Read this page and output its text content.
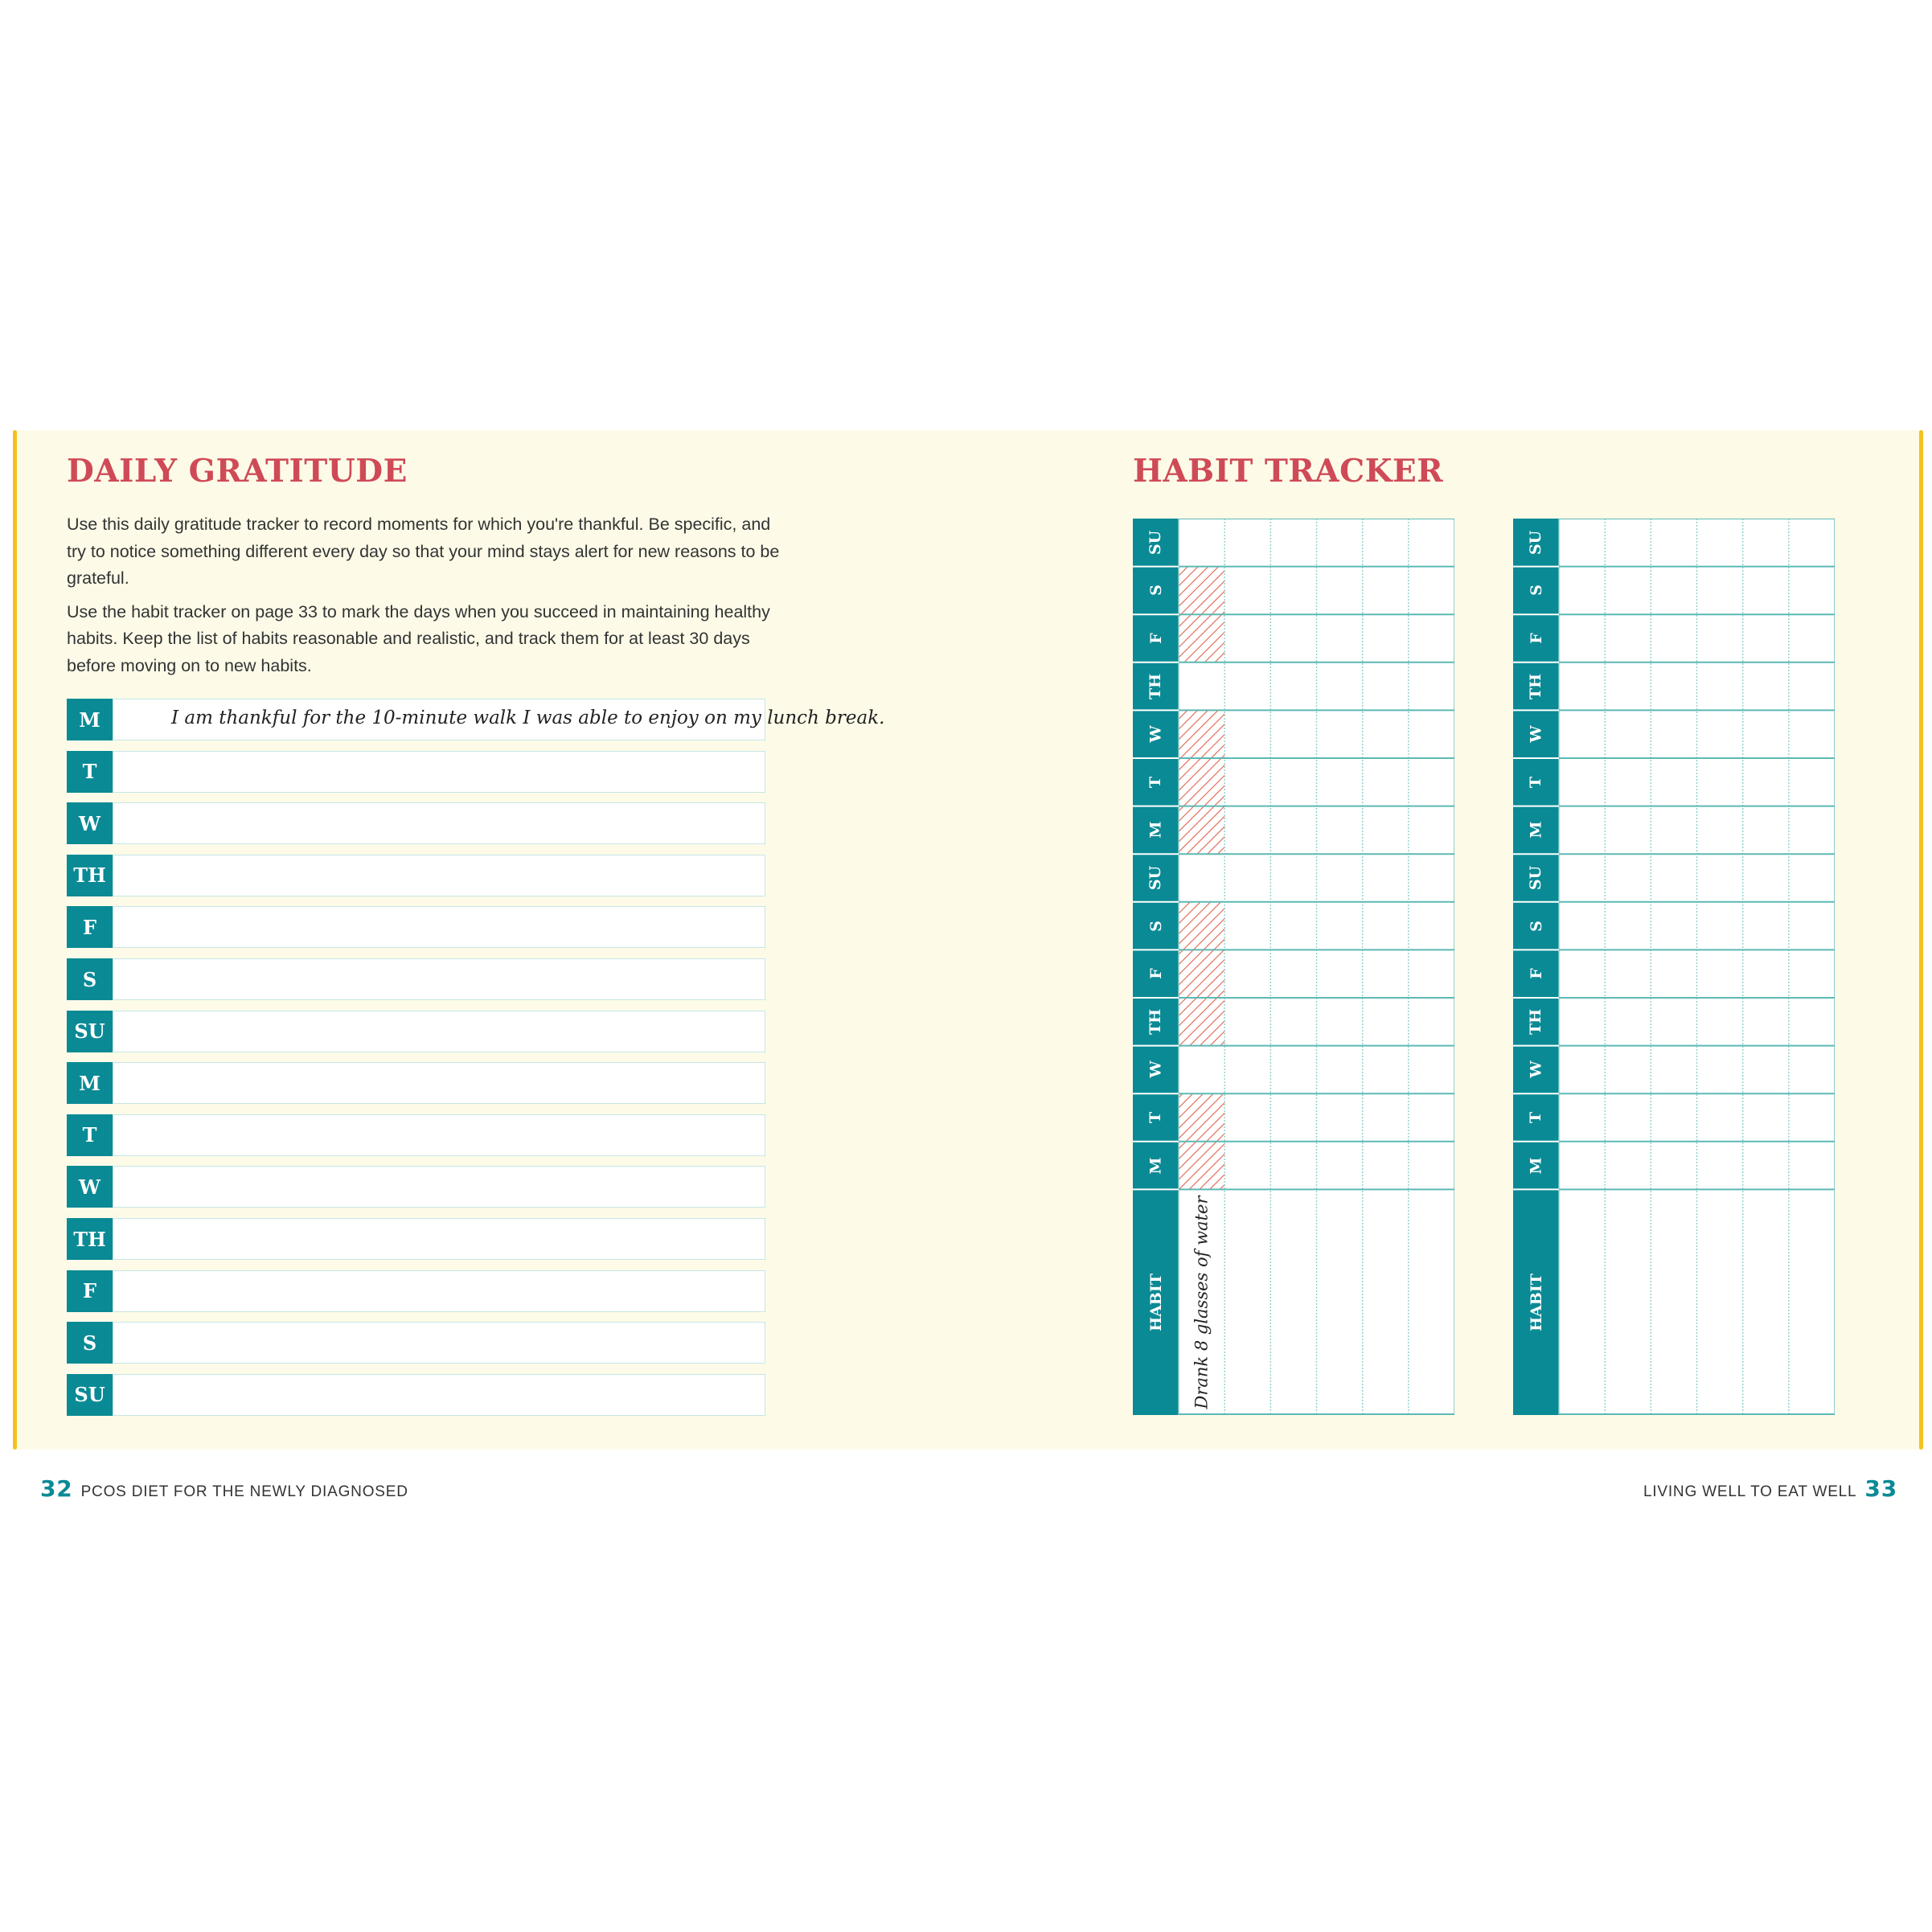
DAILY GRATITUDE

Use this daily gratitude tracker to record moments for which you're thankful. Be specific, and try to notice something different every day so that your mind stays alert for new reasons to be grateful.

Use the habit tracker on page 33 to mark the days when you succeed in maintaining healthy habits. Keep the list of habits reasonable and realistic, and track them for at least 30 days before moving on to new habits.

M	I am thankful for the 10-minute walk I was able to enjoy on my lunch break.
T
W
TH
F
S
SU
M
T
W
TH
F
S
SU
HABIT TRACKER
SU
S
F
TH
W
T
M
SU
S
F
TH
W
T
M
HABIT Drank 8 glasses of water
SU
S
F
TH
W
T
M
SU
S
F
TH
W
T
M
HABIT
32 PCOS DIET FOR THE NEWLY DIAGNOSED	LIVING WELL TO EAT WELL 33
